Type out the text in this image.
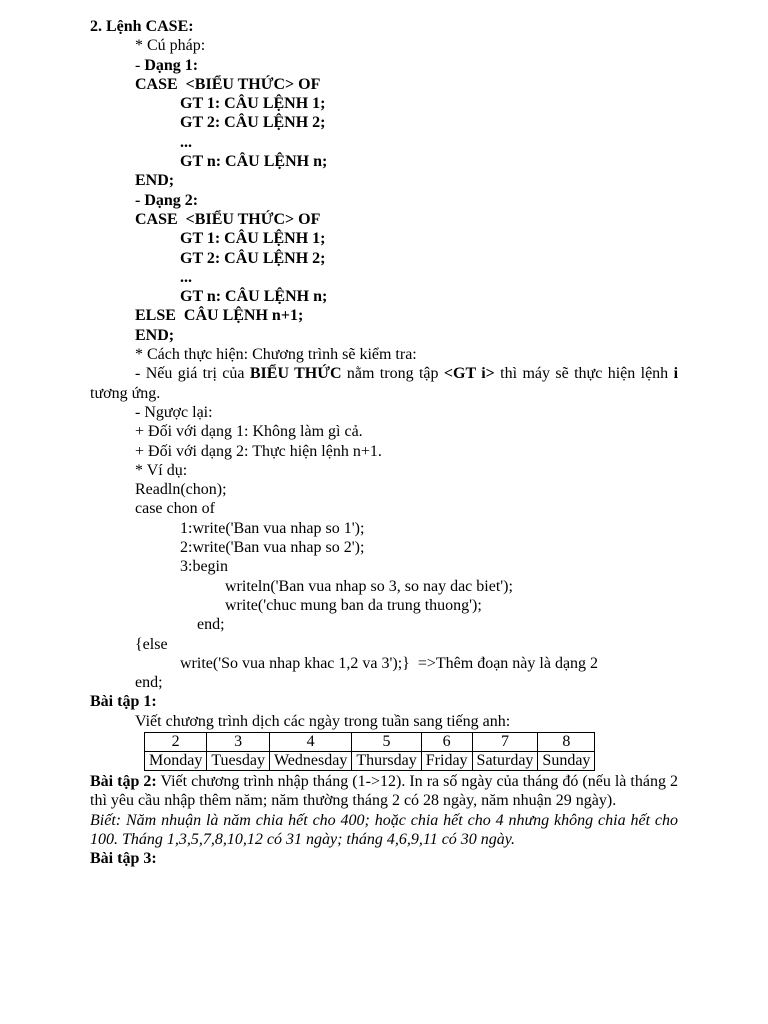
2. Lệnh CASE:
* Cú pháp:
- Dạng 1:
CASE  <BIỂU THỨC> OF
GT 1: CÂU LỆNH 1;
GT 2: CÂU LỆNH 2;
...
GT n: CÂU LỆNH n;
END;
- Dạng 2:
CASE  <BIỂU THỨC> OF
GT 1: CÂU LỆNH 1;
GT 2: CÂU LỆNH 2;
...
GT n: CÂU LỆNH n;
ELSE  CÂU LỆNH n+1;
END;
* Cách thực hiện: Chương trình sẽ kiểm tra:
- Nếu giá trị của BIỂU THỨC nằm trong tập <GT i> thì máy sẽ thực hiện lệnh i tương ứng.
- Ngược lại:
+ Đối với dạng 1: Không làm gì cả.
+ Đối với dạng 2: Thực hiện lệnh n+1.
* Ví dụ:
Readln(chon);
case chon of
1:write('Ban vua nhap so 1');
2:write('Ban vua nhap so 2');
3:begin
writeln('Ban vua nhap so 3, so nay dac biet');
write('chuc mung ban da trung thuong');
end;
{else
write('So vua nhap khac 1,2 va 3');}  =>Thêm đoạn này là dạng 2
end;
Bài tập 1:
Viết chương trình dịch các ngày trong tuần sang tiếng anh:
2	3	4	5	6	7	8
Monday	Tuesday	Wednesday	Thursday	Friday	Saturday	Sunday
Bài tập 2: Viết chương trình nhập tháng (1->12). In ra số ngày của tháng đó (nếu là tháng 2 thì yêu cầu nhập thêm năm; năm thường tháng 2 có 28 ngày, năm nhuận 29 ngày).
Biết: Năm nhuận là năm chia hết cho 400; hoặc chia hết cho 4 nhưng không chia hết cho 100. Tháng 1,3,5,7,8,10,12 có 31 ngày; tháng 4,6,9,11 có 30 ngày.
Bài tập 3:
